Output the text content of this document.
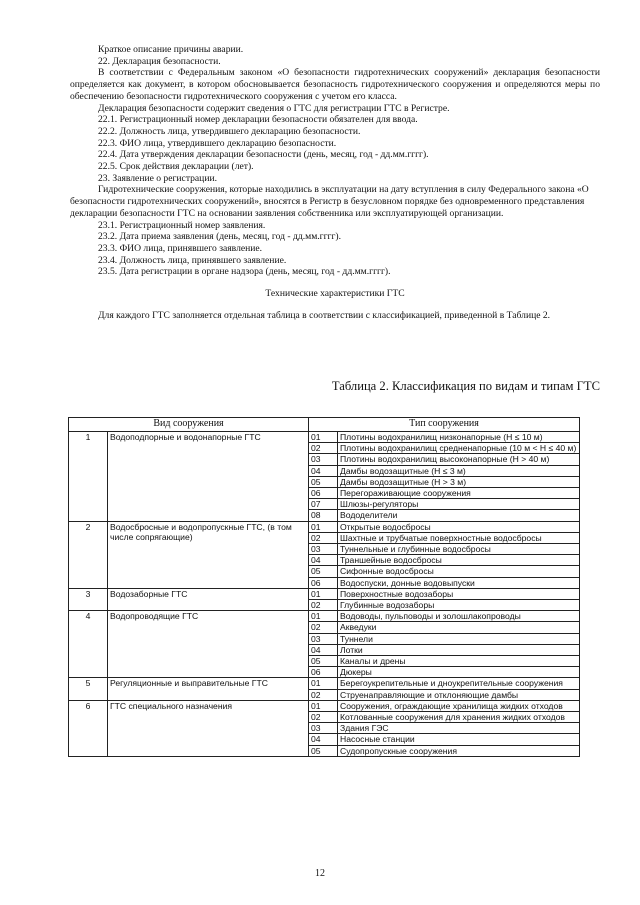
Краткое описание причины аварии.

22. Декларация безопасности.

В соответствии с Федеральным законом «О безопасности гидротехнических сооружений» декларация безопасности определяется как документ, в котором обосновывается безопасность гидротехнического сооружения и определяются меры по обеспечению безопасности гидротехнического сооружения с учетом его класса.

Декларация безопасности содержит сведения о ГТС для регистрации ГТС в Регистре.

22.1. Регистрационный номер декларации безопасности обязателен для ввода.

22.2. Должность лица, утвердившего декларацию безопасности.

22.3. ФИО лица, утвердившего декларацию безопасности.

22.4. Дата утверждения декларации безопасности (день, месяц, год - дд.мм.гггг).

22.5. Срок действия декларации (лет).

23. Заявление о регистрации.

Гидротехнические сооружения, которые находились в эксплуатации на дату вступления в силу Федерального закона «О безопасности гидротехнических сооружений», вносятся в Регистр в безусловном порядке без одновременного представления декларации безопасности ГТС на основании заявления собственника или эксплуатирующей организации.

23.1. Регистрационный номер заявления.

23.2. Дата приема заявления (день, месяц, год - дд.мм.гггг).

23.3. ФИО лица, принявшего заявление.

23.4. Должность лица, принявшего заявление.

23.5. Дата регистрации в органе надзора (день, месяц, год - дд.мм.гггг).

Технические характеристики ГТС

Для каждого ГТС заполняется отдельная таблица в соответствии с классификацией, приведенной в Таблице 2.

Таблица 2. Классификация по видам и типам ГТС
Вид сооружения		Тип сооружения	
1	Водоподпорные и водонапорные ГТС	01	Плотины водохранилищ низконапорные (H ≤ 10 м)
		02	Плотины водохранилищ средненапорные (10 м < H ≤ 40 м)
		03	Плотины водохранилищ высоконапорные (H > 40 м)
		04	Дамбы водозащитные (H ≤ 3 м)
		05	Дамбы водозащитные (H > 3 м)
		06	Перегораживающие сооружения
		07	Шлюзы-регуляторы
		08	Вододелители
2	Водосбросные и водопропускные ГТС, (в том числе сопрягающие)	01	Открытые водосбросы
		02	Шахтные и трубчатые поверхностные водосбросы
		03	Туннельные и глубинные водосбросы
		04	Траншейные водосбросы
		05	Сифонные водосбросы
		06	Водоспуски, донные водовыпуски
3	Водозаборные ГТС	01	Поверхностные водозаборы
		02	Глубинные водозаборы
4	Водопроводящие ГТС	01	Водоводы, пульповоды и золошлакопроводы
		02	Акведуки
		03	Туннели
		04	Лотки
		05	Каналы и дрены
		06	Дюкеры
5	Регуляционные и выправительные ГТС	01	Берегоукрепительные и дноукрепительные сооружения
		02	Струенаправляющие и отклоняющие дамбы
6	ГТС специального назначения	01	Сооружения, ограждающие хранилища жидких отходов
		02	Котлованные сооружения для хранения жидких отходов
		03	Здания ГЭС
		04	Насосные станции
		05	Судопропускные сооружения
12
